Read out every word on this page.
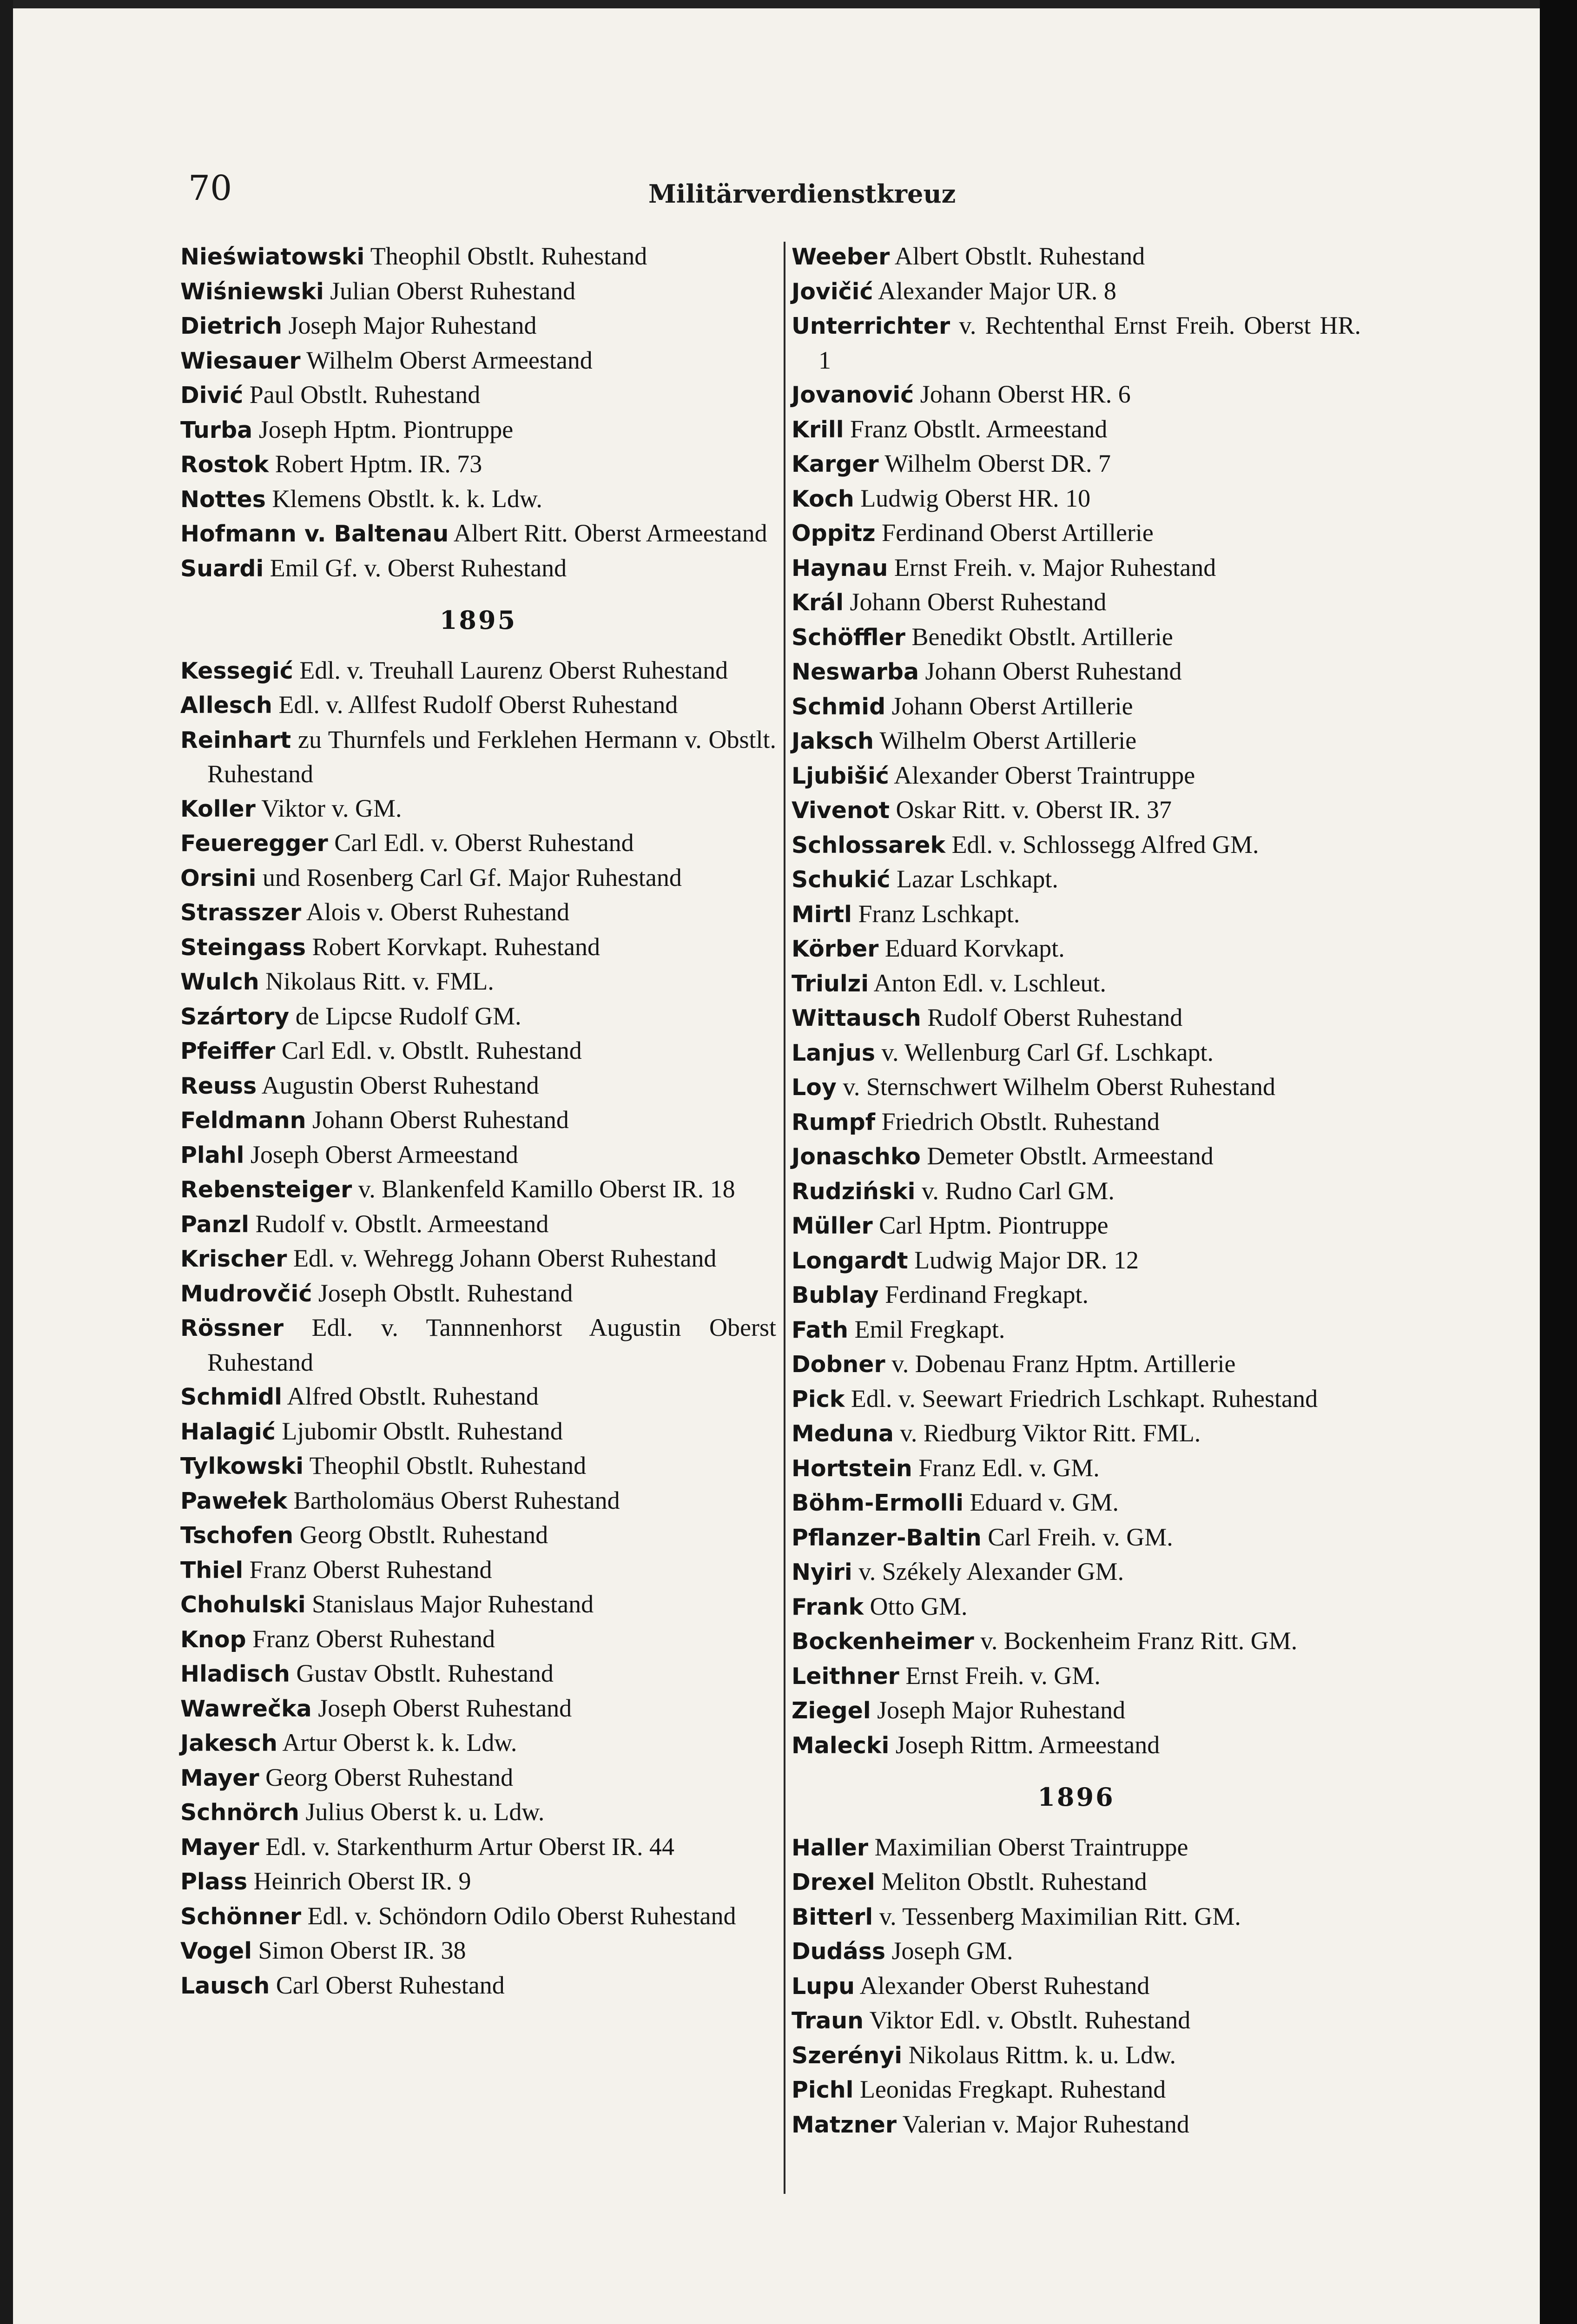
70	Militärverdienstkreuz

Nieświatowski Theophil Obstlt. Ruhestand

Wiśniewski Julian Oberst Ruhestand

Dietrich Joseph Major Ruhestand

Wiesauer Wilhelm Oberst Armeestand

Divić Paul Obstlt. Ruhestand

Turba Joseph Hptm. Piontruppe

Rostok Robert Hptm. IR. 73

Nottes Klemens Obstlt. k. k. Ldw.

Hofmann v. Baltenau Albert Ritt. Oberst Armeestand

Suardi Emil Gf. v. Oberst Ruhestand

1895

Kessegić Edl. v. Treuhall Laurenz Oberst Ruhestand

Allesch Edl. v. Allfest Rudolf Oberst Ruhestand

Reinhart zu Thurnfels und Ferklehen Hermann v. Obstlt. Ruhestand

Koller Viktor v. GM.

Feueregger Carl Edl. v. Oberst Ruhestand

Orsini und Rosenberg Carl Gf. Major Ruhestand

Strasszer Alois v. Oberst Ruhestand

Steingass Robert Korvkapt. Ruhestand

Wulch Nikolaus Ritt. v. FML.

Szártory de Lipcse Rudolf GM.

Pfeiffer Carl Edl. v. Obstlt. Ruhestand

Reuss Augustin Oberst Ruhestand

Feldmann Johann Oberst Ruhestand

Plahl Joseph Oberst Armeestand

Rebensteiger v. Blankenfeld Kamillo Oberst IR. 18

Panzl Rudolf v. Obstlt. Armeestand

Krischer Edl. v. Wehregg Johann Oberst Ruhestand

Mudrovčić Joseph Obstlt. Ruhestand

Rössner Edl. v. Tannnenhorst Augustin Oberst Ruhestand

Schmidl Alfred Obstlt. Ruhestand

Halagić Ljubomir Obstlt. Ruhestand

Tylkowski Theophil Obstlt. Ruhestand

Pawełek Bartholomäus Oberst Ruhestand

Tschofen Georg Obstlt. Ruhestand

Thiel Franz Oberst Ruhestand

Chohulski Stanislaus Major Ruhestand

Knop Franz Oberst Ruhestand

Hladisch Gustav Obstlt. Ruhestand

Wawrečka Joseph Oberst Ruhestand

Jakesch Artur Oberst k. k. Ldw.

Mayer Georg Oberst Ruhestand

Schnörch Julius Oberst k. u. Ldw.

Mayer Edl. v. Starkenthurm Artur Oberst IR. 44

Plass Heinrich Oberst IR. 9

Schönner Edl. v. Schöndorn Odilo Oberst Ruhestand

Vogel Simon Oberst IR. 38

Lausch Carl Oberst Ruhestand

Weeber Albert Obstlt. Ruhestand

Jovičić Alexander Major UR. 8

Unterrichter v. Rechtenthal Ernst Freih. Oberst HR. 1

Jovanović Johann Oberst HR. 6

Krill Franz Obstlt. Armeestand

Karger Wilhelm Oberst DR. 7

Koch Ludwig Oberst HR. 10

Oppitz Ferdinand Oberst Artillerie

Haynau Ernst Freih. v. Major Ruhestand

Král Johann Oberst Ruhestand

Schöffler Benedikt Obstlt. Artillerie

Neswarba Johann Oberst Ruhestand

Schmid Johann Oberst Artillerie

Jaksch Wilhelm Oberst Artillerie

Ljubišić Alexander Oberst Traintruppe

Vivenot Oskar Ritt. v. Oberst IR. 37

Schlossarek Edl. v. Schlossegg Alfred GM.

Schukić Lazar Lschkapt.

Mirtl Franz Lschkapt.

Körber Eduard Korvkapt.

Triulzi Anton Edl. v. Lschleut.

Wittausch Rudolf Oberst Ruhestand

Lanjus v. Wellenburg Carl Gf. Lschkapt.

Loy v. Sternschwert Wilhelm Oberst Ruhestand

Rumpf Friedrich Obstlt. Ruhestand

Jonaschko Demeter Obstlt. Armeestand

Rudziński v. Rudno Carl GM.

Müller Carl Hptm. Piontruppe

Longardt Ludwig Major DR. 12

Bublay Ferdinand Fregkapt.

Fath Emil Fregkapt.

Dobner v. Dobenau Franz Hptm. Artillerie

Pick Edl. v. Seewart Friedrich Lschkapt. Ruhestand

Meduna v. Riedburg Viktor Ritt. FML.

Hortstein Franz Edl. v. GM.

Böhm-Ermolli Eduard v. GM.

Pflanzer-Baltin Carl Freih. v. GM.

Nyiri v. Székely Alexander GM.

Frank Otto GM.

Bockenheimer v. Bockenheim Franz Ritt. GM.

Leithner Ernst Freih. v. GM.

Ziegel Joseph Major Ruhestand

Malecki Joseph Rittm. Armeestand

1896

Haller Maximilian Oberst Traintruppe

Drexel Meliton Obstlt. Ruhestand

Bitterl v. Tessenberg Maximilian Ritt. GM.

Dudáss Joseph GM.

Lupu Alexander Oberst Ruhestand

Traun Viktor Edl. v. Obstlt. Ruhestand

Szerényi Nikolaus Rittm. k. u. Ldw.

Pichl Leonidas Fregkapt. Ruhestand

Matzner Valerian v. Major Ruhestand
